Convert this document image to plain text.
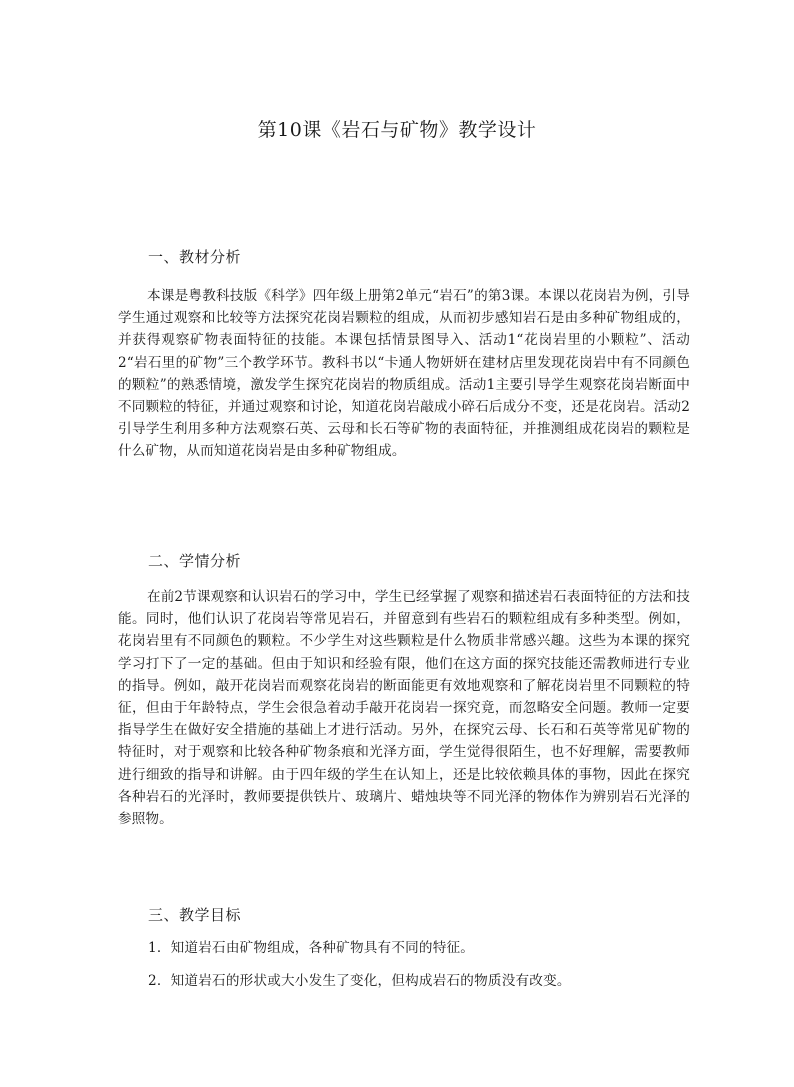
第10课《岩石与矿物》教学设计
一、教材分析
本课是粤教科技版《科学》四年级上册第2单元“岩石”的第3课。本课以花岗岩为例，引导学生通过观察和比较等方法探究花岗岩颗粒的组成，从而初步感知岩石是由多种矿物组成的，并获得观察矿物表面特征的技能。本课包括情景图导入、活动1“花岗岩里的小颗粒”、活动2“岩石里的矿物”三个教学环节。教科书以“卡通人物妍妍在建材店里发现花岗岩中有不同颜色的颗粒”的熟悉情境，激发学生探究花岗岩的物质组成。活动1主要引导学生观察花岗岩断面中不同颗粒的特征，并通过观察和讨论，知道花岗岩敲成小碎石后成分不变，还是花岗岩。活动2引导学生利用多种方法观察石英、云母和长石等矿物的表面特征，并推测组成花岗岩的颗粒是什么矿物，从而知道花岗岩是由多种矿物组成。
二、学情分析
在前2节课观察和认识岩石的学习中，学生已经掌握了观察和描述岩石表面特征的方法和技能。同时，他们认识了花岗岩等常见岩石，并留意到有些岩石的颗粒组成有多种类型。例如，花岗岩里有不同颜色的颗粒。不少学生对这些颗粒是什么物质非常感兴趣。这些为本课的探究学习打下了一定的基础。但由于知识和经验有限，他们在这方面的探究技能还需教师进行专业的指导。例如，敲开花岗岩而观察花岗岩的断面能更有效地观察和了解花岗岩里不同颗粒的特征，但由于年龄特点，学生会很急着动手敲开花岗岩一探究竟，而忽略安全问题。教师一定要指导学生在做好安全措施的基础上才进行活动。另外，在探究云母、长石和石英等常见矿物的特征时，对于观察和比较各种矿物条痕和光泽方面，学生觉得很陌生，也不好理解，需要教师进行细致的指导和讲解。由于四年级的学生在认知上，还是比较依赖具体的事物，因此在探究各种岩石的光泽时，教师要提供铁片、玻璃片、蜡烛块等不同光泽的物体作为辨别岩石光泽的参照物。
三、教学目标
1．知道岩石由矿物组成，各种矿物具有不同的特征。
2．知道岩石的形状或大小发生了变化，但构成岩石的物质没有改变。
